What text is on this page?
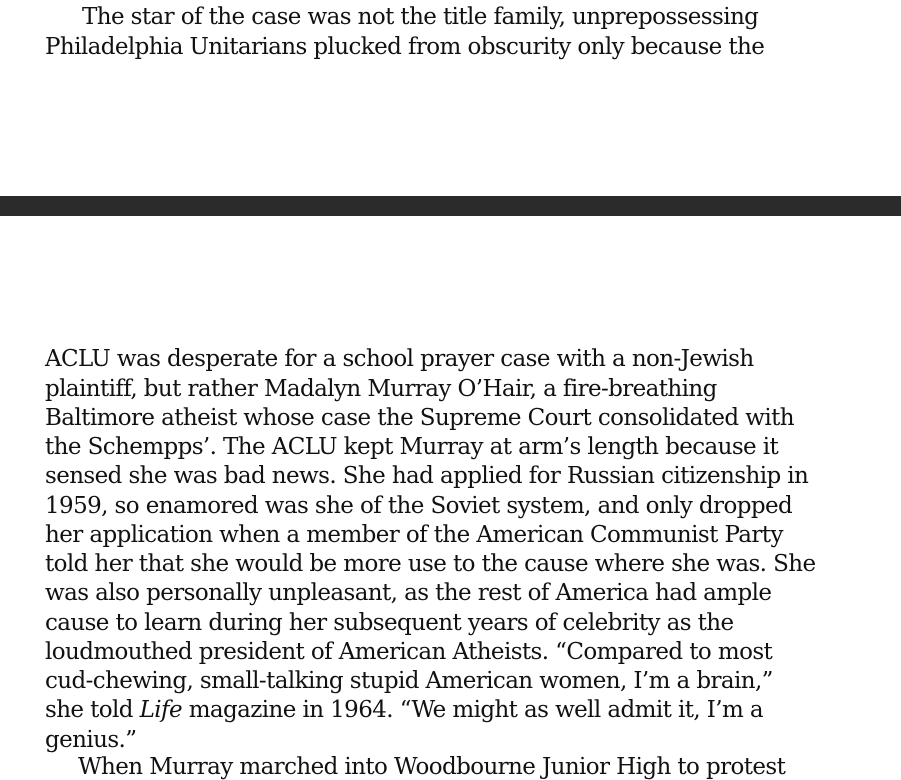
The star of the case was not the title family, unprepossessing
Philadelphia Unitarians plucked from obscurity only because the
ACLU was desperate for a school prayer case with a non-Jewish
plaintiff, but rather Madalyn Murray O’Hair, a fire-breathing
Baltimore atheist whose case the Supreme Court consolidated with
the Schempps’. The ACLU kept Murray at arm’s length because it
sensed she was bad news. She had applied for Russian citizenship in
1959, so enamored was she of the Soviet system, and only dropped
her application when a member of the American Communist Party
told her that she would be more use to the cause where she was. She
was also personally unpleasant, as the rest of America had ample
cause to learn during her subsequent years of celebrity as the
loudmouthed president of American Atheists. “Compared to most
cud-chewing, small-talking stupid American women, I’m a brain,”
she told Life magazine in 1964. “We might as well admit it, I’m a
genius.”
When Murray marched into Woodbourne Junior High to protest
